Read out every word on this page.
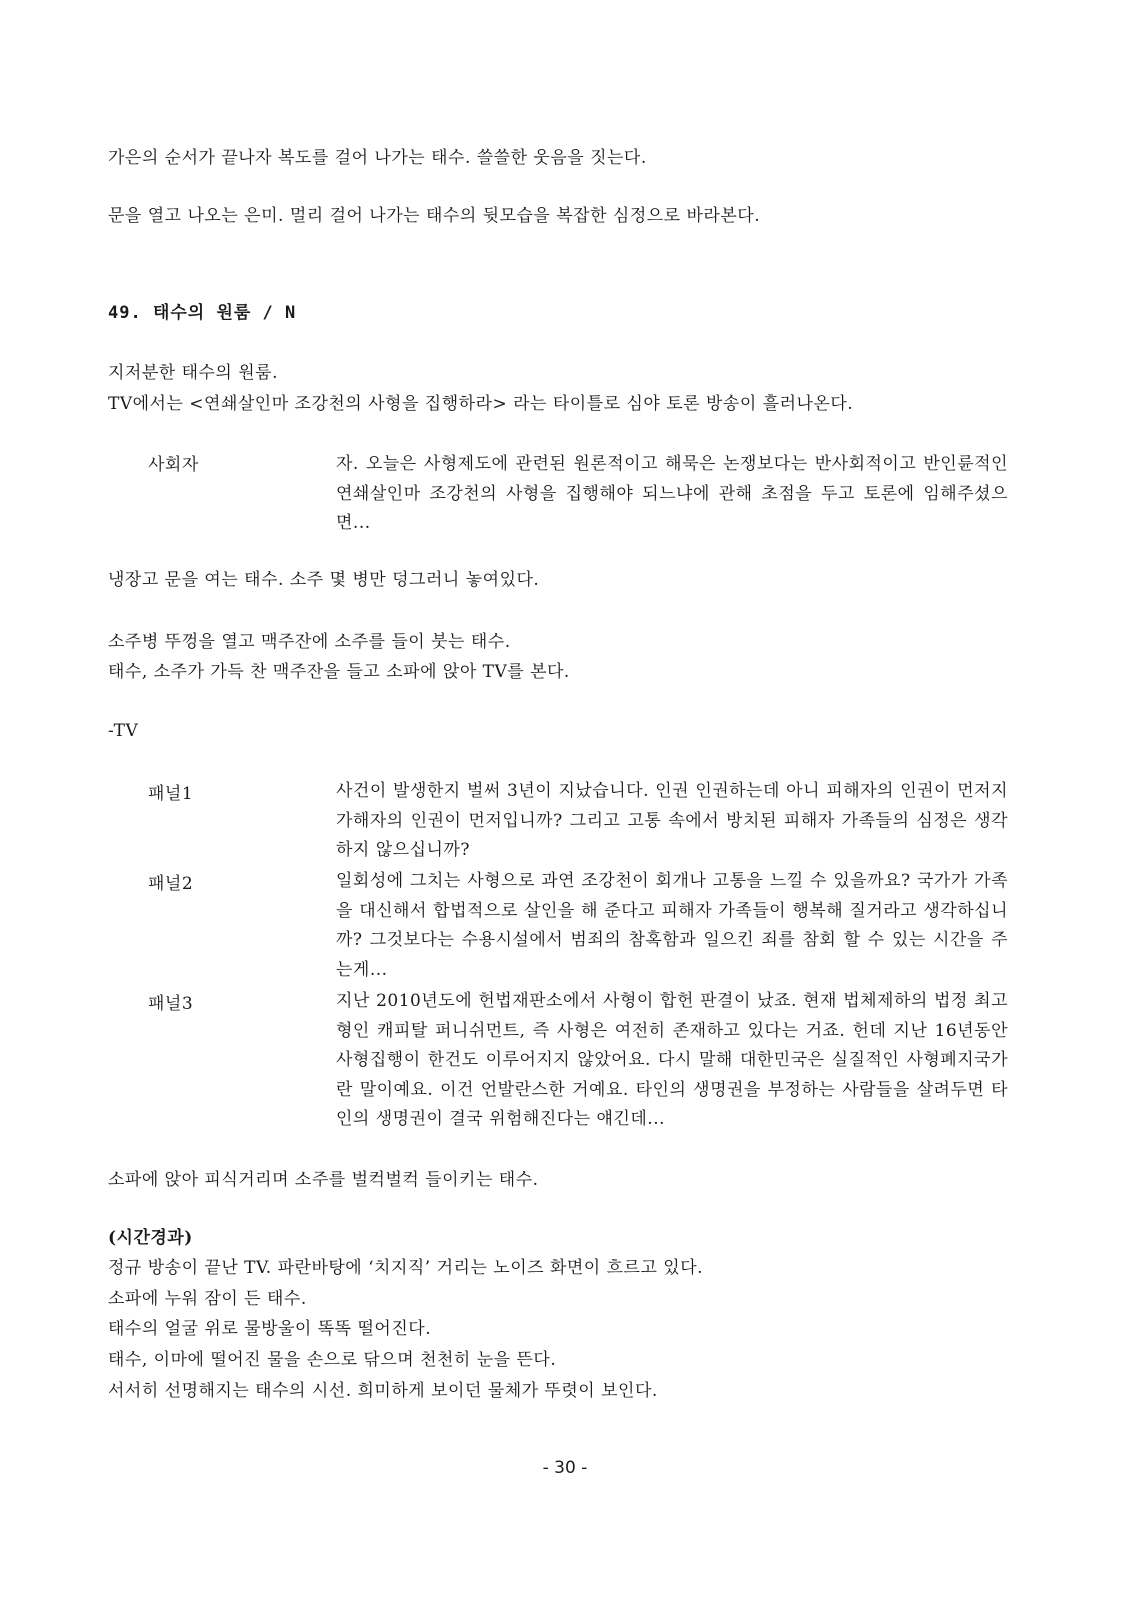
가은의 순서가 끝나자 복도를 걸어 나가는 태수. 쓸쓸한 웃음을 짓는다.
문을 열고 나오는 은미. 멀리 걸어 나가는 태수의 뒷모습을 복잡한 심정으로 바라본다.
49. 태수의 원룸 / N
지저분한 태수의 원룸.
TV에서는 <연쇄살인마 조강천의 사형을 집행하라> 라는 타이틀로 심야 토론 방송이 흘러나온다.
사회자	자. 오늘은 사형제도에 관련된 원론적이고 해묵은 논쟁보다는 반사회적이고 반인륜적인 연쇄살인마 조강천의 사형을 집행해야 되느냐에 관해 초점을 두고 토론에 임해주셨으면...
냉장고 문을 여는 태수. 소주 몇 병만 덩그러니 놓여있다.
소주병 뚜껑을 열고 맥주잔에 소주를 들이 붓는 태수.
태수, 소주가 가득 찬 맥주잔을 들고 소파에 앉아 TV를 본다.
-TV
패널1	사건이 발생한지 벌써 3년이 지났습니다. 인권 인권하는데 아니 피해자의 인권이 먼저지 가해자의 인권이 먼저입니까? 그리고 고통 속에서 방치된 피해자 가족들의 심정은 생각하지 않으십니까?
패널2	일회성에 그치는 사형으로 과연 조강천이 회개나 고통을 느낄 수 있을까요? 국가가 가족을 대신해서 합법적으로 살인을 해 준다고 피해자 가족들이 행복해 질거라고 생각하십니까? 그것보다는 수용시설에서 범죄의 참혹함과 일으킨 죄를 참회 할 수 있는 시간을 주는게...
패널3	지난 2010년도에 헌법재판소에서 사형이 합헌 판결이 났죠. 현재 법체제하의 법정 최고형인 캐피탈 퍼니쉬먼트, 즉 사형은 여전히 존재하고 있다는 거죠. 헌데 지난 16년동안 사형집행이 한건도 이루어지지 않았어요. 다시 말해 대한민국은 실질적인 사형폐지국가란 말이예요. 이건 언발란스한 거예요. 타인의 생명권을 부정하는 사람들을 살려두면 타인의 생명권이 결국 위험해진다는 얘긴데...
소파에 앉아 피식거리며 소주를 벌컥벌컥 들이키는 태수.
(시간경과)
정규 방송이 끝난 TV. 파란바탕에 ‘치지직’ 거리는 노이즈 화면이 흐르고 있다.
소파에 누워 잠이 든 태수.
태수의 얼굴 위로 물방울이 똑똑 떨어진다.
태수, 이마에 떨어진 물을 손으로 닦으며 천천히 눈을 뜬다.
서서히 선명해지는 태수의 시선. 희미하게 보이던 물체가 뚜렷이 보인다.
- 30 -
